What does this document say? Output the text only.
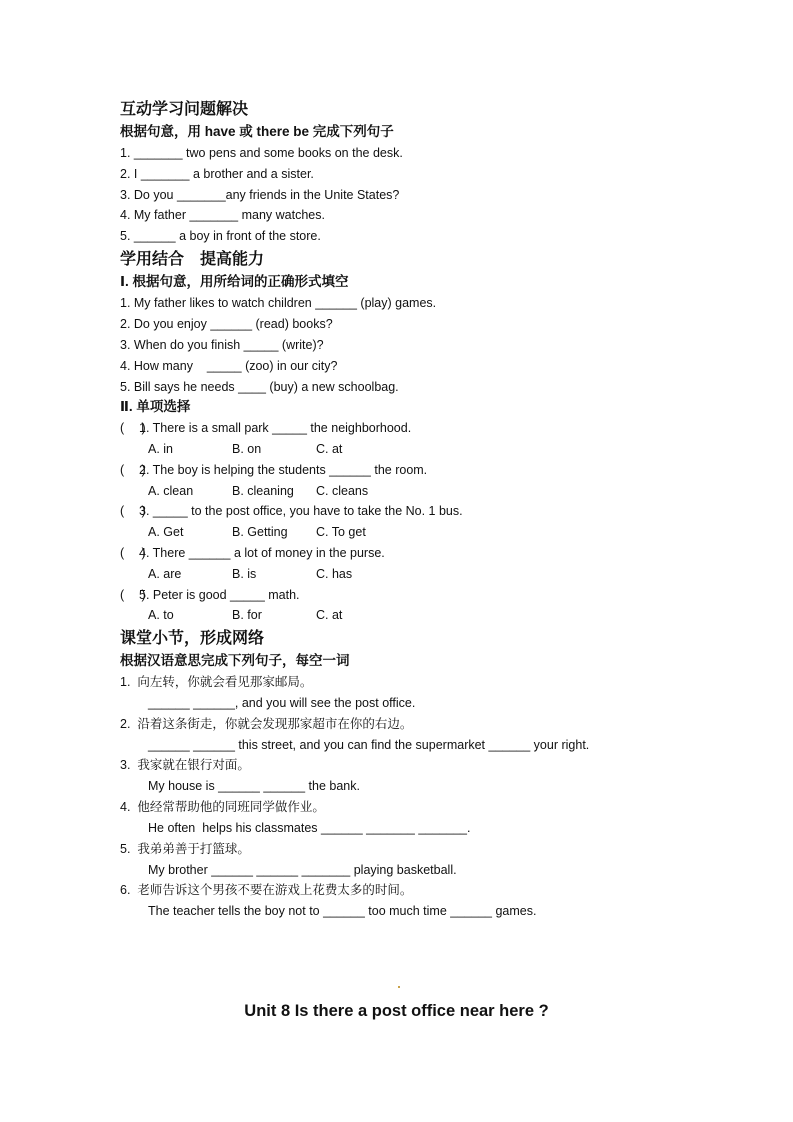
互动学习问题解决
根据句意，用 have 或 there be 完成下列句子
1. _______ two pens and some books on the desk.
2. I _______ a brother and a sister.
3. Do you _______any friends in the Unite States?
4. My father _______ many watches.
5. ______ a boy in front of the store.
学用结合　提高能力
Ⅰ. 根据句意，用所给词的正确形式填空
1. My father likes to watch children ______ (play) games.
2. Do you enjoy ______ (read) books?
3. When do you finish _____ (write)?
4. How many    _____ (zoo) in our city?
5. Bill says he needs ____ (buy) a new schoolbag.
Ⅱ. 单项选择
(     )
1. There is a small park _____ the neighborhood.
A. in	B. on	C. at
(     )
2. The boy is helping the students ______ the room.
A. clean	B. cleaning C. cleans
(     )
3. _____ to the post office, you have to take the No. 1 bus.
A. Get	B. Getting C. To get
(     )
4. There ______ a lot of money in the purse.
A. are	B. is	C. has
(     )
5. Peter is good _____ math.
A. to	B. for	C. at
课堂小节，形成网络
根据汉语意思完成下列句子，每空一词
1.  向左转，你就会看见那家邮局。
______ ______, and you will see the post office.
2.  沿着这条街走，你就会发现那家超市在你的右边。
______ ______ this street, and you can find the supermarket ______ your right.
3.  我家就在银行对面。
My house is ______ ______ the bank.
4.  他经常帮助他的同班同学做作业。
He often  helps his classmates ______ _______ _______.
5.  我弟弟善于打篮球。
My brother ______ ______ _______ playing basketball.
6.  老师告诉这个男孩不要在游戏上花费太多的时间。
The teacher tells the boy not to ______ too much time ______ games.
Unit 8 Is there a post office near here ?
